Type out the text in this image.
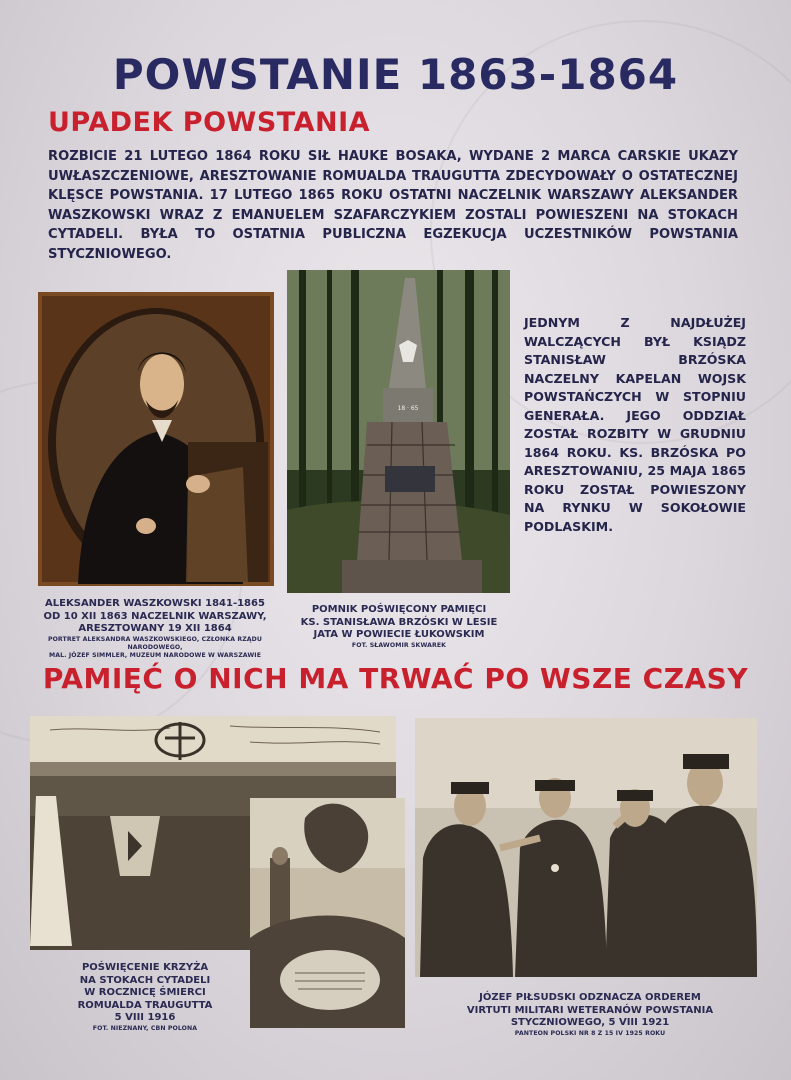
POWSTANIE 1863-1864
UPADEK POWSTANIA

ROZBICIE 21 LUTEGO 1864 ROKU SIŁ HAUKE BOSAKA, WYDANE 2 MARCA CARSKIE UKAZY UWŁASZCZENIOWE, ARESZTOWANIE ROMUALDA TRAUGUTTA ZDECYDOWAŁY O OSTATECZNEJ KLĘSCE POWSTANIA. 17 LUTEGO 1865 ROKU OSTATNI NACZELNIK WARSZAWY ALEKSANDER WASZKOWSKI WRAZ Z EMANUELEM SZAFARCZYKIEM ZOSTALI POWIESZENI NA STOKACH CYTADELI. BYŁA TO OSTATNIA PUBLICZNA EGZEKUCJA UCZESTNIKÓW POWSTANIA STYCZNIOWEGO.

18 · 65

JEDNYM Z NAJDŁUŻEJ WALCZĄCYCH BYŁ KSIĄDZ STANISŁAW BRZÓSKA NACZELNY KAPELAN WOJSK POWSTAŃCZYCH W STOPNIU GENERAŁA. JEGO ODDZIAŁ ZOSTAŁ ROZBITY W GRUDNIU 1864 ROKU. KS. BRZÓSKA PO ARESZTOWANIU, 25 MAJA 1865 ROKU ZOSTAŁ POWIESZONY NA RYNKU W SOKOŁOWIE PODLASKIM.

ALEKSANDER WASZKOWSKI 1841-1865
OD 10 XII 1863 NACZELNIK WARSZAWY,
ARESZTOWANY 19 XII 1864
PORTRET ALEKSANDRA WASZKOWSKIEGO, CZŁONKA RZĄDU NARODOWEGO,
MAL. JÓZEF SIMMLER, MUZEUM NARODOWE W WARSZAWIE
POMNIK POŚWIĘCONY PAMIĘCI
KS. STANISŁAWA BRZÓSKI W LESIE
JATA W POWIECIE ŁUKOWSKIM
FOT. SŁAWOMIR SKWAREK
PAMIĘĆ O NICH MA TRWAĆ PO WSZE CZASY
POŚWIĘCENIE KRZYŻA
NA STOKACH CYTADELI
W ROCZNICĘ ŚMIERCI
ROMUALDA TRAUGUTTA
5 VIII 1916
FOT. NIEZNANY, CBN POLONA
JÓZEF PIŁSUDSKI ODZNACZA ORDEREM
VIRTUTI MILITARI WETERANÓW POWSTANIA
STYCZNIOWEGO, 5 VIII 1921
PANTEON POLSKI NR 8 Z 15 IV 1925 ROKU
